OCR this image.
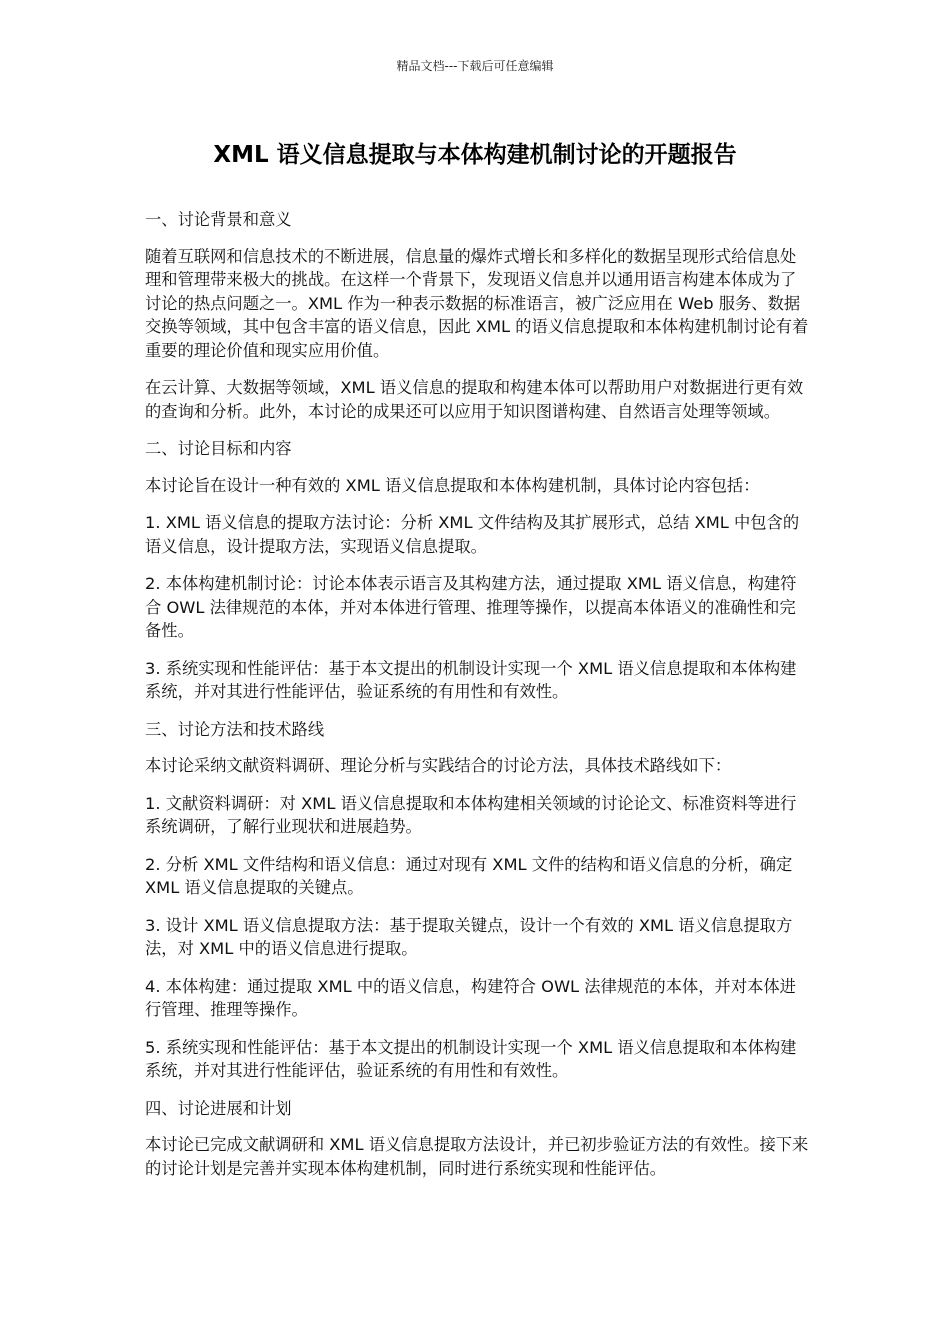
精品文档---下载后可任意编辑
XML 语义信息提取与本体构建机制讨论的开题报告

一、讨论背景和意义

随着互联网和信息技术的不断进展，信息量的爆炸式增长和多样化的数据呈现形式给信息处理和管理带来极大的挑战。在这样一个背景下，发现语义信息并以通用语言构建本体成为了讨论的热点问题之一。XML 作为一种表示数据的标准语言，被广泛应用在 Web 服务、数据交换等领域，其中包含丰富的语义信息，因此 XML 的语义信息提取和本体构建机制讨论有着重要的理论价值和现实应用价值。

在云计算、大数据等领域，XML 语义信息的提取和构建本体可以帮助用户对数据进行更有效的查询和分析。此外，本讨论的成果还可以应用于知识图谱构建、自然语言处理等领域。

二、讨论目标和内容

本讨论旨在设计一种有效的 XML 语义信息提取和本体构建机制，具体讨论内容包括：

1. XML 语义信息的提取方法讨论：分析 XML 文件结构及其扩展形式，总结 XML 中包含的语义信息，设计提取方法，实现语义信息提取。

2. 本体构建机制讨论：讨论本体表示语言及其构建方法，通过提取 XML 语义信息，构建符合 OWL 法律规范的本体，并对本体进行管理、推理等操作，以提高本体语义的准确性和完备性。

3. 系统实现和性能评估：基于本文提出的机制设计实现一个 XML 语义信息提取和本体构建系统，并对其进行性能评估，验证系统的有用性和有效性。

三、讨论方法和技术路线

本讨论采纳文献资料调研、理论分析与实践结合的讨论方法，具体技术路线如下：

1. 文献资料调研：对 XML 语义信息提取和本体构建相关领域的讨论论文、标准资料等进行系统调研，了解行业现状和进展趋势。

2. 分析 XML 文件结构和语义信息：通过对现有 XML 文件的结构和语义信息的分析，确定 XML 语义信息提取的关键点。

3. 设计 XML 语义信息提取方法：基于提取关键点，设计一个有效的 XML 语义信息提取方法，对 XML 中的语义信息进行提取。

4. 本体构建：通过提取 XML 中的语义信息，构建符合 OWL 法律规范的本体，并对本体进行管理、推理等操作。

5. 系统实现和性能评估：基于本文提出的机制设计实现一个 XML 语义信息提取和本体构建系统，并对其进行性能评估，验证系统的有用性和有效性。

四、讨论进展和计划

本讨论已完成文献调研和 XML 语义信息提取方法设计，并已初步验证方法的有效性。接下来的讨论计划是完善并实现本体构建机制，同时进行系统实现和性能评估。
